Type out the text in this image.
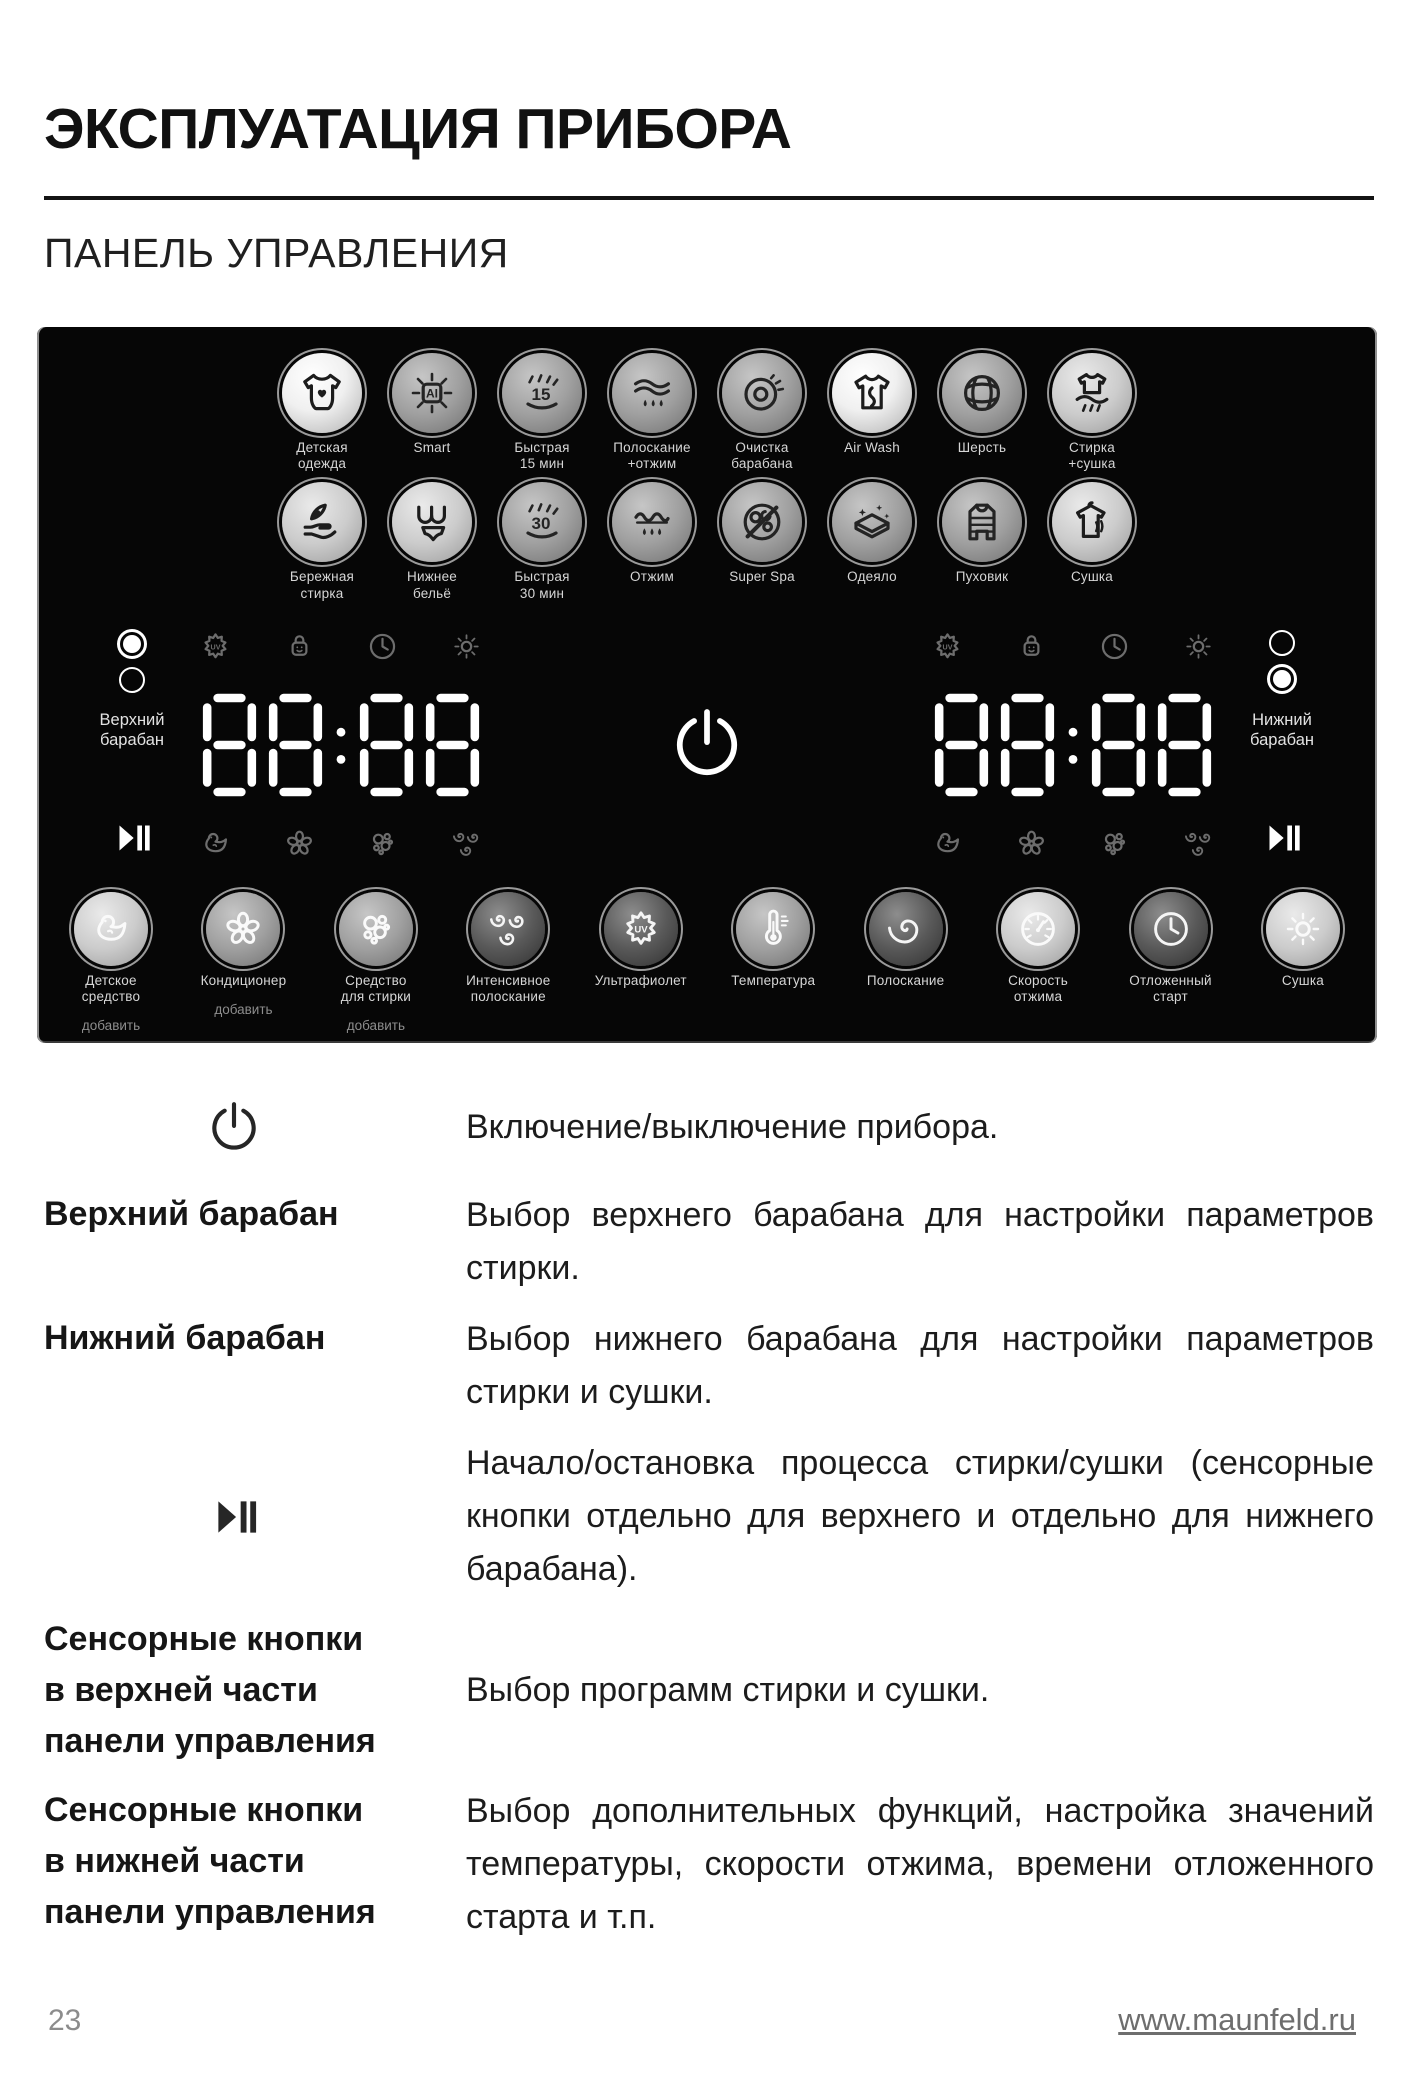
ЭКСПЛУАТАЦИЯ ПРИБОРА
ПАНЕЛЬ УПРАВЛЕНИЯ
Детская
одежда
AI
Smart
15
Быстрая
15 мин
Полоскание
+отжим
Очистка
барабана
Air Wash	Шерсть	Стирка
+сушка
Бережная
стирка
Нижнее
бельё
30
Быстрая
30 мин
Отжим	Super Spa	Одеяло	Пуховик	Сушка
Верхний
барабан
UV	UV
Нижний
барабан
Детское
средство
добавить
Кондиционер
добавить
Средство
для стирки
добавить
Интенсивное
полоскание
UV
Ультрафиолет	Температура	Полоскание	Скорость
отжима
Отложенный
старт
Сушка

Включение/выключение прибора.

Верхний барабан	Выбор верхнего барабана для настройки параметров стирки.

Нижний барабан	Выбор нижнего барабана для настройки параметров стирки и сушки.

Начало/остановка процесса стирки/сушки (сенсорные кнопки отдельно для верхнего и отдельно для нижнего барабана).

Сенсорные кнопки
в верхней части
панели управления

Выбор программ стирки и сушки.

Сенсорные кнопки
в нижней части
панели управления

Выбор дополнительных функций, настройка значений температуры, скорости отжима, времени отложенного старта и т.п.

23	www.maunfeld.ru
